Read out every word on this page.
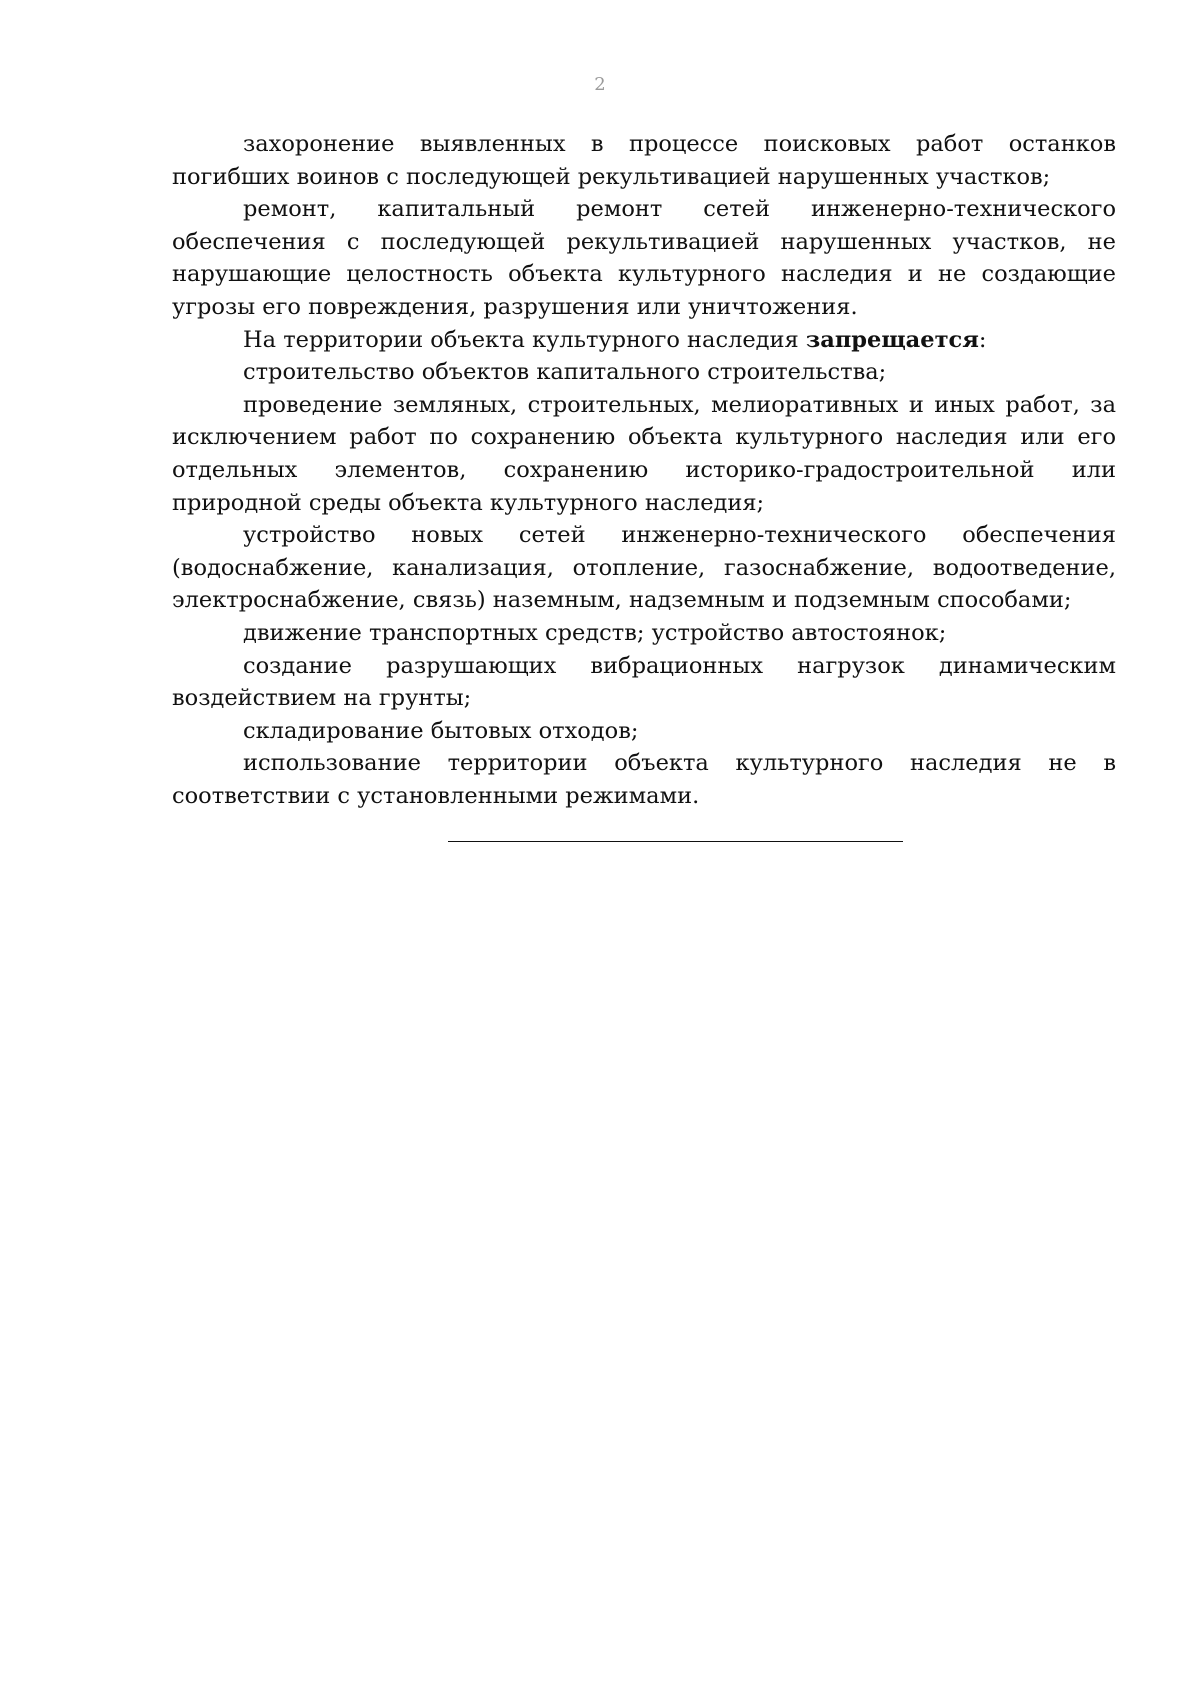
2

захоронение выявленных в процессе поисковых работ останков погибших воинов с последующей рекультивацией нарушенных участков;

ремонт, капитальный ремонт сетей инженерно-технического обеспечения с последующей рекультивацией нарушенных участков, не нарушающие целостность объекта культурного наследия и не создающие угрозы его повреждения, разрушения или уничтожения.

На территории объекта культурного наследия запрещается:

строительство объектов капитального строительства;

проведение земляных, строительных, мелиоративных и иных работ, за исключением работ по сохранению объекта культурного наследия или его отдельных элементов, сохранению историко-градостроительной или природной среды объекта культурного наследия;

устройство новых сетей инженерно-технического обеспечения (водоснабжение, канализация, отопление, газоснабжение, водоотведение, электроснабжение, связь) наземным, надземным и подземным способами;

движение транспортных средств; устройство автостоянок;

создание разрушающих вибрационных нагрузок динамическим воздействием на грунты;

складирование бытовых отходов;

использование территории объекта культурного наследия не в соответствии с установленными режимами.
